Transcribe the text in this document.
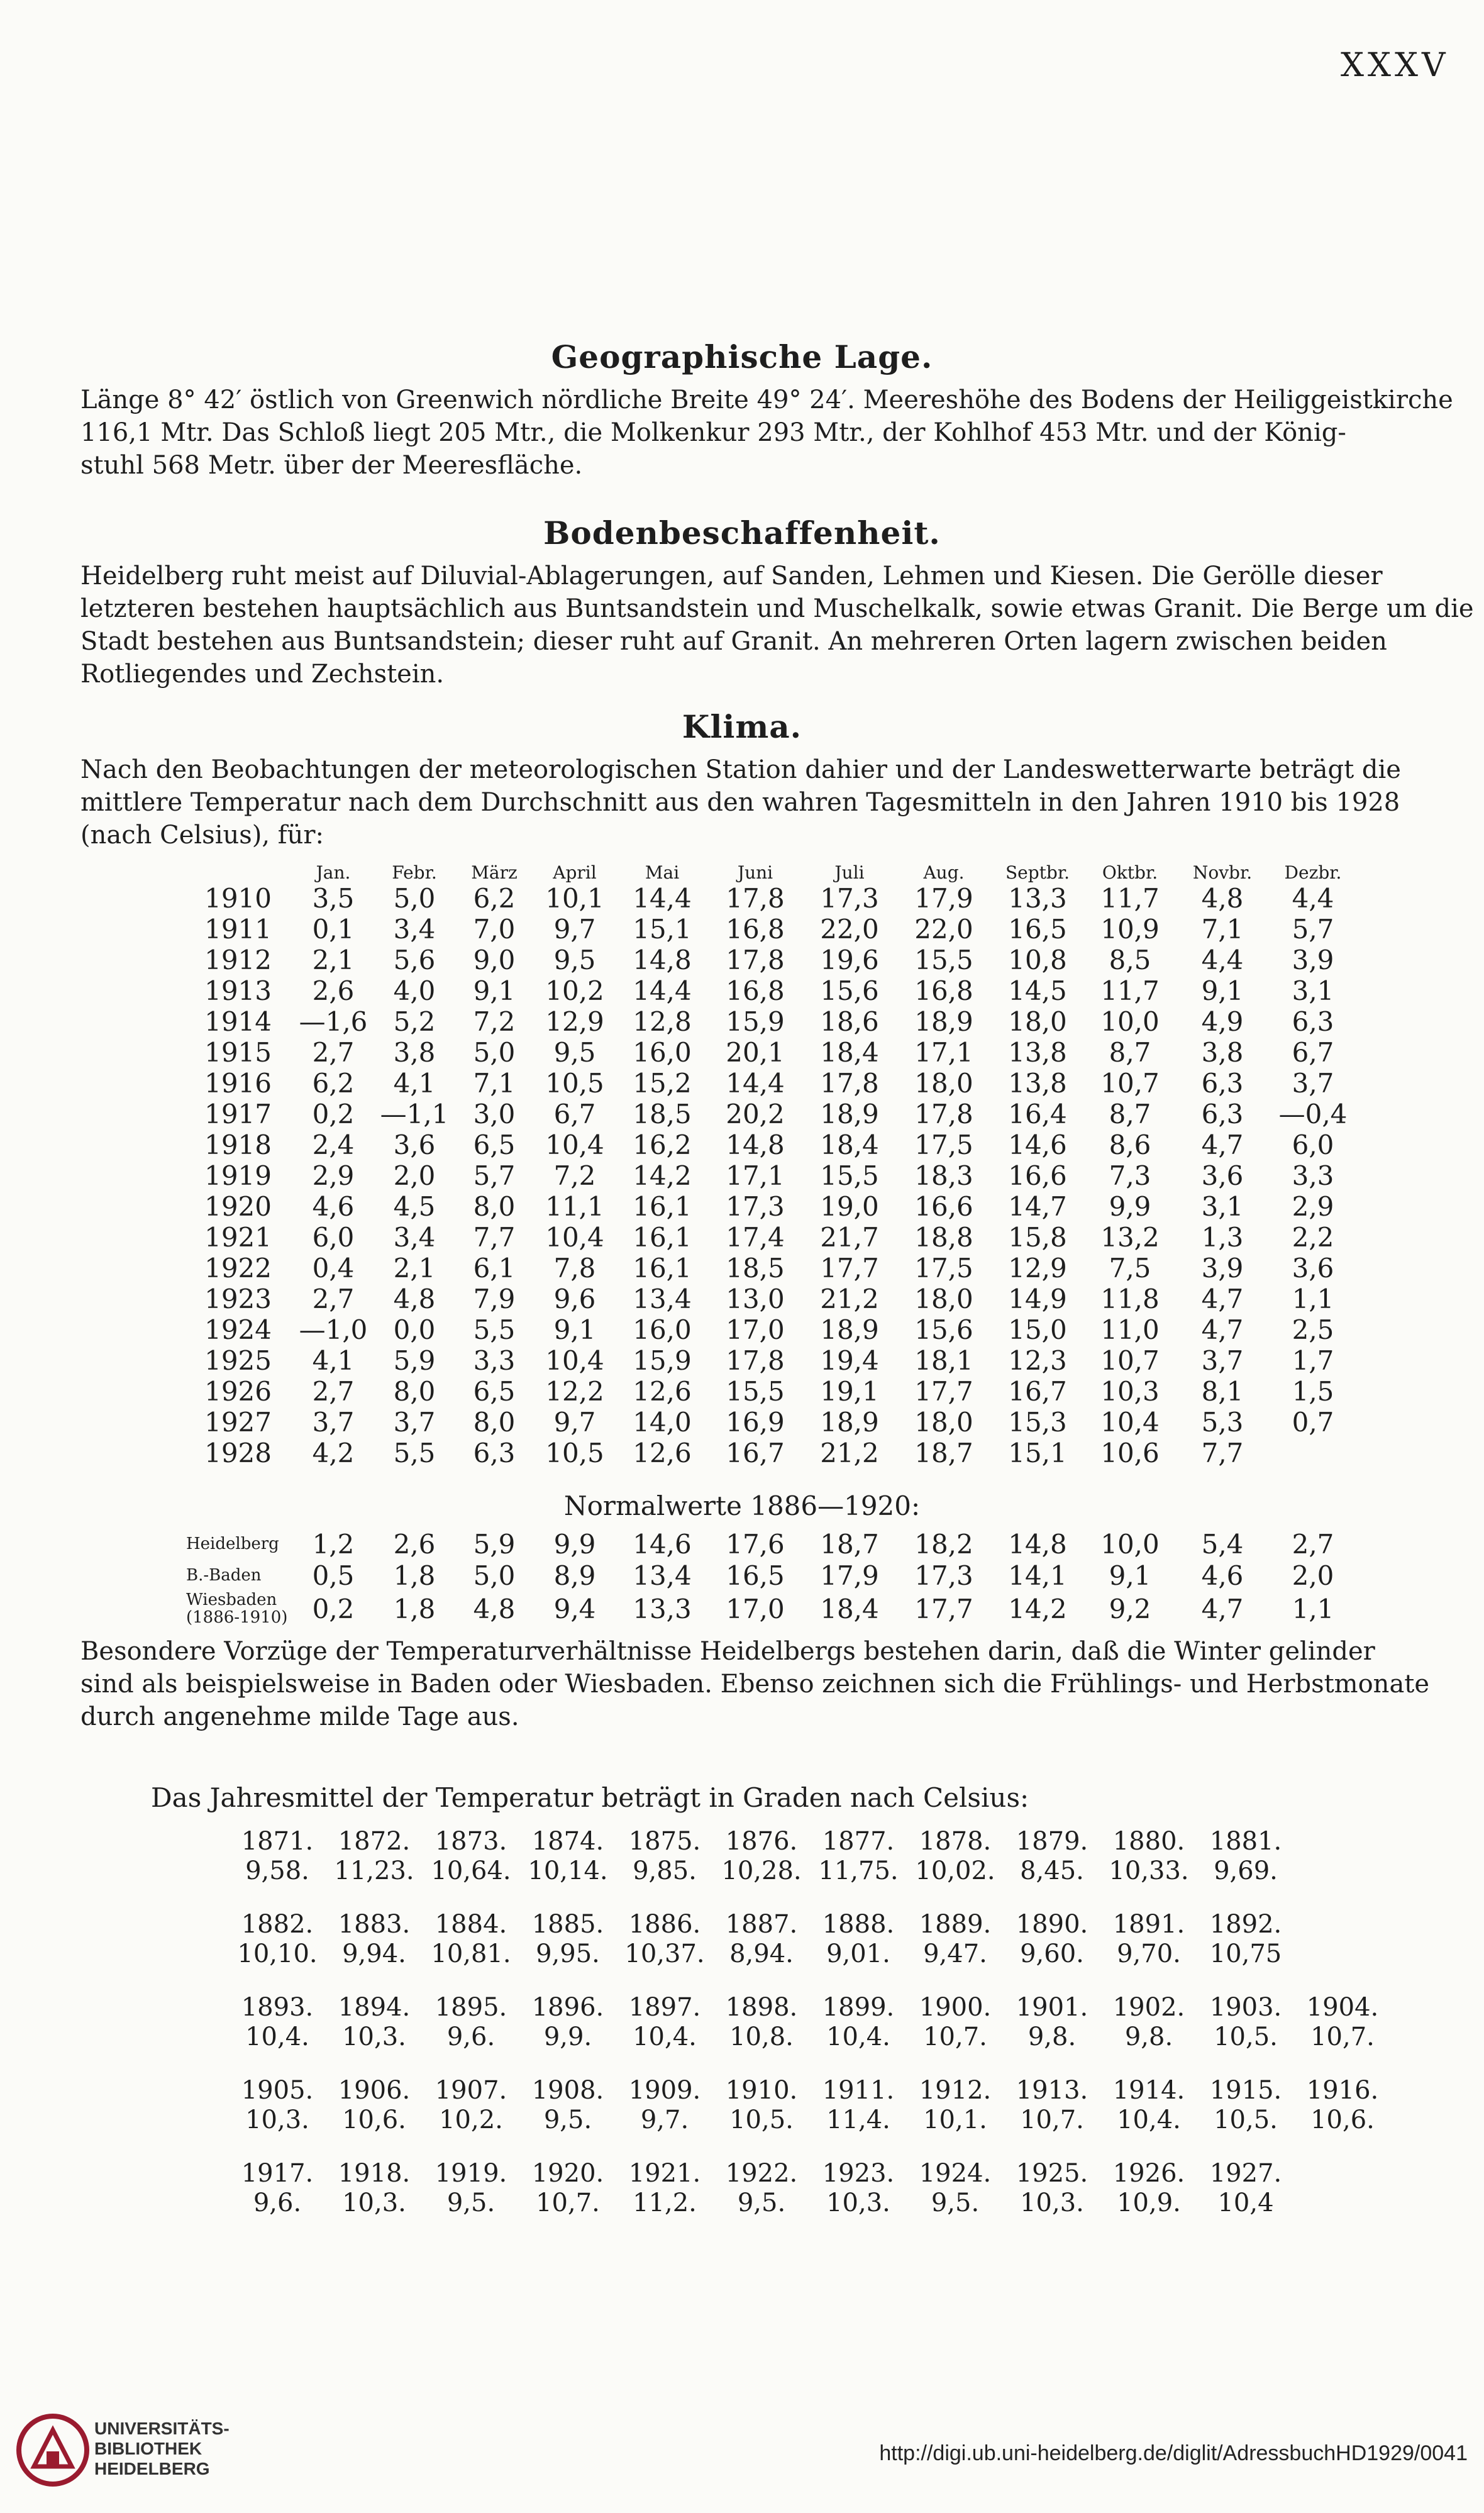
XXXV
Geographische Lage.
Länge 8° 42′ östlich von Greenwich nördliche Breite 49° 24′. Meereshöhe des Bodens der Heiliggeistkirche
116,1 Mtr. Das Schloß liegt 205 Mtr., die Molkenkur 293 Mtr., der Kohlhof 453 Mtr. und der König-
stuhl 568 Metr. über der Meeresfläche.
Bodenbeschaffenheit.
Heidelberg ruht meist auf Diluvial-Ablagerungen, auf Sanden, Lehmen und Kiesen. Die Gerölle dieser
letzteren bestehen hauptsächlich aus Buntsandstein und Muschelkalk, sowie etwas Granit. Die Berge um die
Stadt bestehen aus Buntsandstein; dieser ruht auf Granit. An mehreren Orten lagern zwischen beiden
Rotliegendes und Zechstein.
Klima.
Nach den Beobachtungen der meteorologischen Station dahier und der Landeswetterwarte beträgt die
mittlere Temperatur nach dem Durchschnitt aus den wahren Tagesmitteln in den Jahren 1910 bis 1928
(nach Celsius), für:
	Jan.	Febr.	März	April	Mai	Juni	Juli	Aug.	Septbr.	Oktbr.	Novbr.	Dezbr.
1910	3,5	5,0	6,2	10,1	14,4	17,8	17,3	17,9	13,3	11,7	4,8	4,4
1911	0,1	3,4	7,0	9,7	15,1	16,8	22,0	22,0	16,5	10,9	7,1	5,7
1912	2,1	5,6	9,0	9,5	14,8	17,8	19,6	15,5	10,8	8,5	4,4	3,9
1913	2,6	4,0	9,1	10,2	14,4	16,8	15,6	16,8	14,5	11,7	9,1	3,1
1914	—1,6	5,2	7,2	12,9	12,8	15,9	18,6	18,9	18,0	10,0	4,9	6,3
1915	2,7	3,8	5,0	9,5	16,0	20,1	18,4	17,1	13,8	8,7	3,8	6,7
1916	6,2	4,1	7,1	10,5	15,2	14,4	17,8	18,0	13,8	10,7	6,3	3,7
1917	0,2	—1,1	3,0	6,7	18,5	20,2	18,9	17,8	16,4	8,7	6,3	—0,4
1918	2,4	3,6	6,5	10,4	16,2	14,8	18,4	17,5	14,6	8,6	4,7	6,0
1919	2,9	2,0	5,7	7,2	14,2	17,1	15,5	18,3	16,6	7,3	3,6	3,3
1920	4,6	4,5	8,0	11,1	16,1	17,3	19,0	16,6	14,7	9,9	3,1	2,9
1921	6,0	3,4	7,7	10,4	16,1	17,4	21,7	18,8	15,8	13,2	1,3	2,2
1922	0,4	2,1	6,1	7,8	16,1	18,5	17,7	17,5	12,9	7,5	3,9	3,6
1923	2,7	4,8	7,9	9,6	13,4	13,0	21,2	18,0	14,9	11,8	4,7	1,1
1924	—1,0	0,0	5,5	9,1	16,0	17,0	18,9	15,6	15,0	11,0	4,7	2,5
1925	4,1	5,9	3,3	10,4	15,9	17,8	19,4	18,1	12,3	10,7	3,7	1,7
1926	2,7	8,0	6,5	12,2	12,6	15,5	19,1	17,7	16,7	10,3	8,1	1,5
1927	3,7	3,7	8,0	9,7	14,0	16,9	18,9	18,0	15,3	10,4	5,3	0,7
1928	4,2	5,5	6,3	10,5	12,6	16,7	21,2	18,7	15,1	10,6	7,7	
Normalwerte 1886—1920:
Heidelberg	1,2	2,6	5,9	9,9	14,6	17,6	18,7	18,2	14,8	10,0	5,4	2,7

B.-Baden	0,5	1,8	5,0	8,9	13,4	16,5	17,9	17,3	14,1	9,1	4,6	2,0

Wiesbaden
(1886-1910)	0,2	1,8	4,8	9,4	13,3	17,0	18,4	17,7	14,2	9,2	4,7	1,1
Besondere Vorzüge der Temperaturverhältnisse Heidelbergs bestehen darin, daß die Winter gelinder
sind als beispielsweise in Baden oder Wiesbaden. Ebenso zeichnen sich die Frühlings- und Herbstmonate
durch angenehme milde Tage aus.
Das Jahresmittel der Temperatur beträgt in Graden nach Celsius:
1871.	1872.	1873.	1874.	1875.	1876.	1877.	1878.	1879.	1880.	1881.	
9,58.	11,23.	10,64.	10,14.	9,85.	10,28.	11,75.	10,02.	8,45.	10,33.	9,69.	

1882.	1883.	1884.	1885.	1886.	1887.	1888.	1889.	1890.	1891.	1892.	
10,10.	9,94.	10,81.	9,95.	10,37.	8,94.	9,01.	9,47.	9,60.	9,70.	10,75	

1893.	1894.	1895.	1896.	1897.	1898.	1899.	1900.	1901.	1902.	1903.	1904.
10,4.	10,3.	9,6.	9,9.	10,4.	10,8.	10,4.	10,7.	9,8.	9,8.	10,5.	10,7.

1905.	1906.	1907.	1908.	1909.	1910.	1911.	1912.	1913.	1914.	1915.	1916.
10,3.	10,6.	10,2.	9,5.	9,7.	10,5.	11,4.	10,1.	10,7.	10,4.	10,5.	10,6.

1917.	1918.	1919.	1920.	1921.	1922.	1923.	1924.	1925.	1926.	1927.	
9,6.	10,3.	9,5.	10,7.	11,2.	9,5.	10,3.	9,5.	10,3.	10,9.	10,4	
UNIVERSITÄTS-
BIBLIOTHEK
HEIDELBERG
http://digi.ub.uni-heidelberg.de/diglit/AdressbuchHD1929/0041
